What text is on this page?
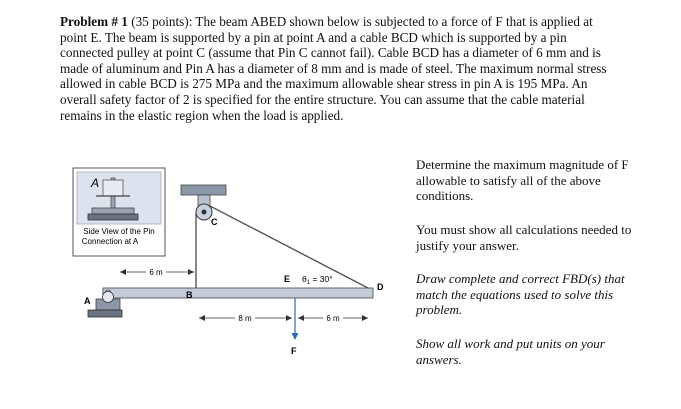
Problem # 1 (35 points): The beam ABED shown below is subjected to a force of F that is applied at point E. The beam is supported by a pin at point A and a cable BCD which is supported by a pin connected pulley at point C (assume that Pin C cannot fail). Cable BCD has a diameter of 6 mm and is made of aluminum and Pin A has a diameter of 8 mm and is made of steel. The maximum normal stress allowed in cable BCD is 275 MPa and the maximum allowable shear stress in pin A is 195 MPa. An overall safety factor of 2 is specified for the entire structure. You can assume that the cable material remains in the elastic region when the load is applied.
Determine the maximum magnitude of F allowable to satisfy all of the above conditions.
You must show all calculations needed to justify your answer.
Draw complete and correct FBD(s) that match the equations used to solve this problem.
Show all work and put units on your answers.
A
Side View of the Pin
Connection at A
6 m
8 m	6 m
A
B
C
D
E
F
$\theta_1 = 30^\circ$
